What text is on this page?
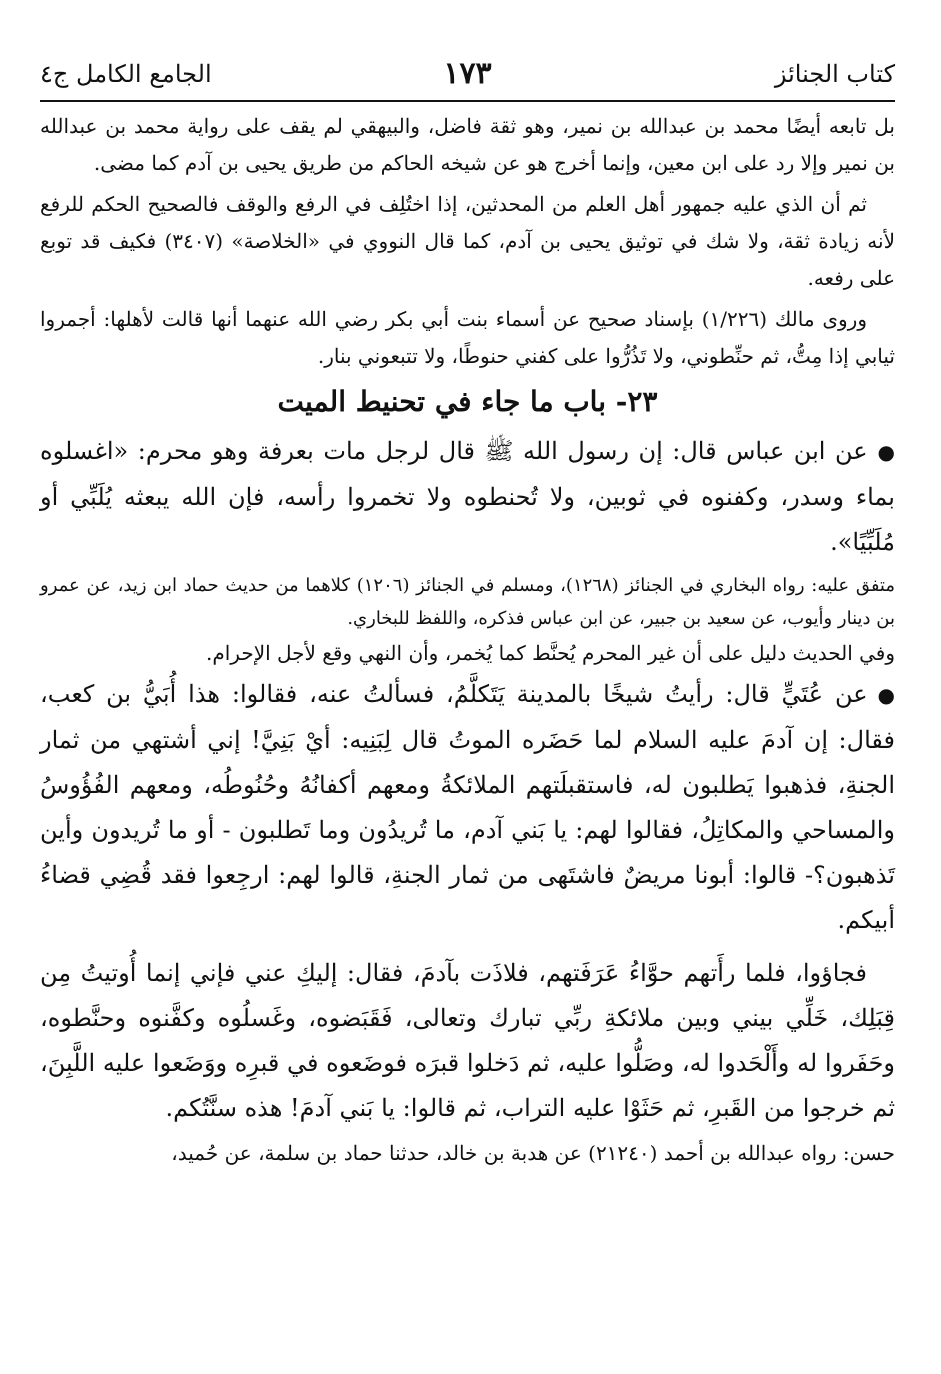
كتاب الجنائز
١٧٣
الجامع الكامل ج٤

بل تابعه أيضًا محمد بن عبدالله بن نمير، وهو ثقة فاضل، والبيهقي لم يقف على رواية محمد بن عبدالله بن نمير وإلا رد على ابن معين، وإنما أخرج هو عن شيخه الحاكم من طريق يحيى بن آدم كما مضى.

ثم أن الذي عليه جمهور أهل العلم من المحدثين، إذا اختُلِف في الرفع والوقف فالصحيح الحكم للرفع لأنه زيادة ثقة، ولا شك في توثيق يحيى بن آدم، كما قال النووي في «الخلاصة» (٣٤٠٧) فكيف قد توبع على رفعه.

وروى مالك (١/٢٢٦) بإسناد صحيح عن أسماء بنت أبي بكر رضي الله عنهما أنها قالت لأهلها: أجمروا ثيابي إذا مِتُّ، ثم حنِّطوني، ولا تَذُرُّوا على كفني حنوطًا، ولا تتبعوني بنار.

٢٣- باب ما جاء في تحنيط الميت

●عن ابن عباس قال: إن رسول الله ﷺ قال لرجل مات بعرفة وهو محرم: «اغسلوه بماء وسدر، وكفنوه في ثوبين، ولا تُحنطوه ولا تخمروا رأسه، فإن الله يبعثه يُلَبِّي أو مُلَبِّيًا».

متفق عليه: رواه البخاري في الجنائز (١٢٦٨)، ومسلم في الجنائز (١٢٠٦) كلاهما من حديث حماد ابن زيد، عن عمرو بن دينار وأيوب، عن سعيد بن جبير، عن ابن عباس فذكره، واللفظ للبخاري.

وفي الحديث دليل على أن غير المحرم يُحنَّط كما يُخمر، وأن النهي وقع لأجل الإحرام.

●عن عُتَيٍّ قال: رأيتُ شيخًا بالمدينة يَتَكلَّمُ، فسألتُ عنه، فقالوا: هذا أُبَيُّ بن كعب، فقال: إن آدمَ عليه السلام لما حَضَره الموتُ قال لِبَنِيه: أيْ بَنِيَّ! إني أشتهي من ثمار الجنةِ، فذهبوا يَطلبون له، فاستقبلَتهم الملائكةُ ومعهم أكفانُهُ وحُنُوطُه، ومعهم الفُؤُوسُ والمساحي والمكاتِلُ، فقالوا لهم: يا بَني آدم، ما تُريدُون وما تَطلبون - أو ما تُريدون وأين تَذهبون؟- قالوا: أبونا مريضٌ فاشتَهى من ثمار الجنةِ، قالوا لهم: ارجِعوا فقد قُضِي قضاءُ أبيكم.

فجاؤوا، فلما رأَتهم حوَّاءُ عَرَفَتهم، فلاذَت بآدمَ، فقال: إليكِ عني فإني إنما أُوتيتُ مِن قِبَلِك، خَلِّي بيني وبين ملائكةِ ربِّي تبارك وتعالى، فَقَبَضوه، وغَسلُوه وكفَّنوه وحنَّطوه، وحَفَروا له وأَلْحَدوا له، وصَلُّوا عليه، ثم دَخلوا قبرَه فوضَعوه في قبرِه ووَضَعوا عليه اللَّبِنَ، ثم خرجوا من القَبرِ، ثم حَثَوْا عليه التراب، ثم قالوا: يا بَني آدمَ! هذه سنَّتُكم.

حسن: رواه عبدالله بن أحمد (٢١٢٤٠) عن هدبة بن خالد، حدثنا حماد بن سلمة، عن حُميد،
